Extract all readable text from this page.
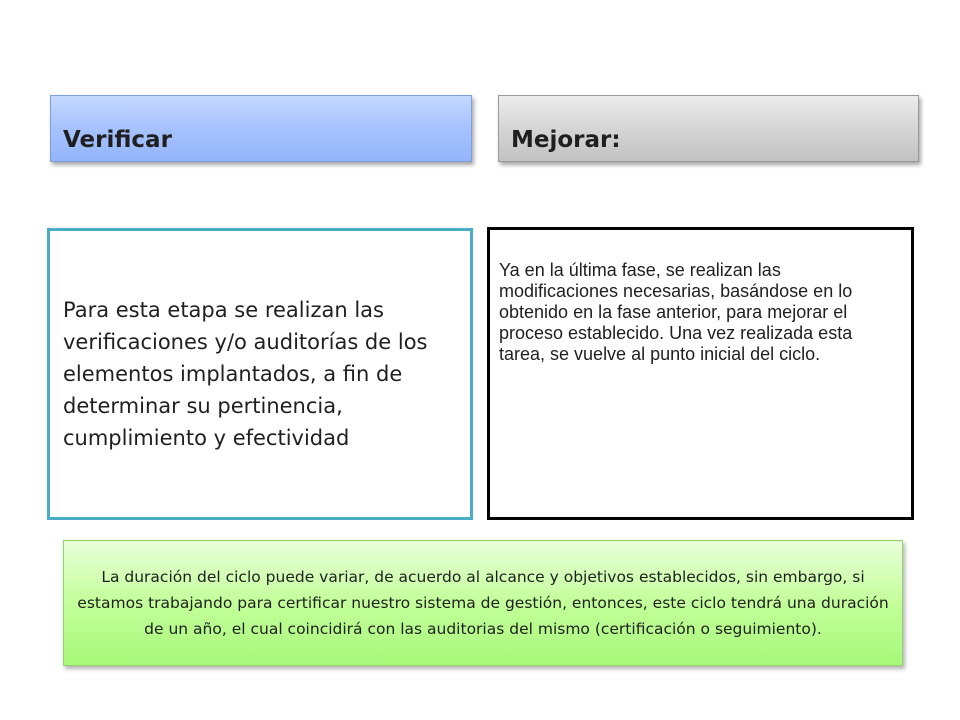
Verificar	Mejorar:
Para esta etapa se realizan las verificaciones y/o auditorías de los elementos implantados, a fin de determinar su pertinencia, cumplimiento y efectividad
Ya en la última fase, se realizan las modificaciones necesarias, basándose en lo obtenido en la fase anterior, para mejorar el proceso establecido. Una vez realizada esta tarea, se vuelve al punto inicial del ciclo.
La duración del ciclo puede variar, de acuerdo al alcance y objetivos establecidos, sin embargo, si estamos trabajando para certificar nuestro sistema de gestión, entonces, este ciclo tendrá una duración de un año, el cual coincidirá con las auditorias del mismo (certificación o seguimiento).
